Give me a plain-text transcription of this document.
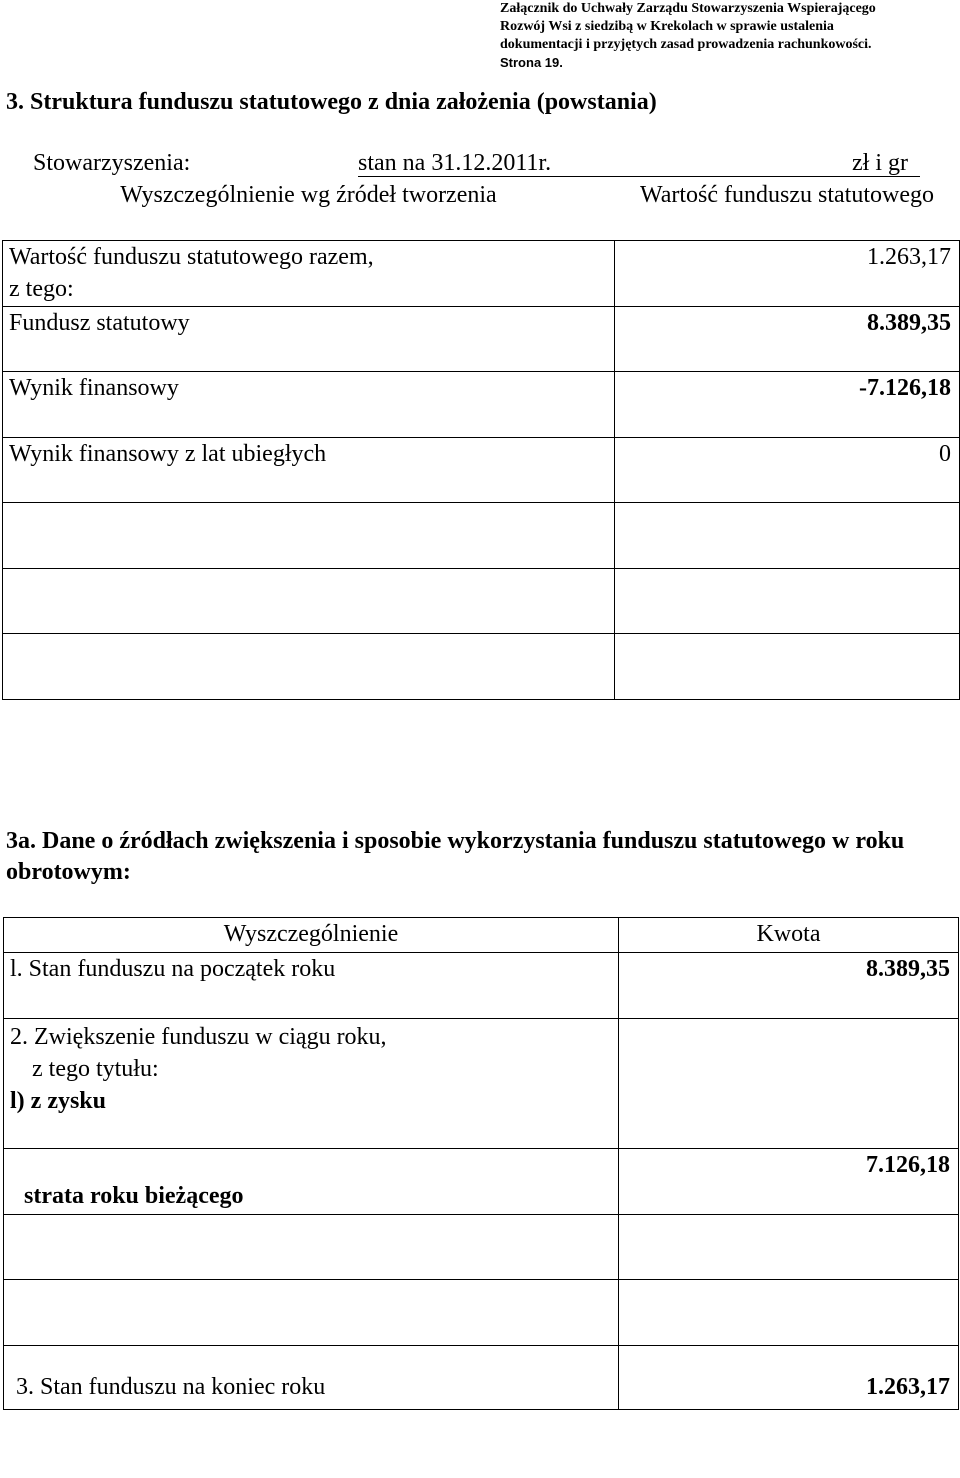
Załącznik do Uchwały Zarządu Stowarzyszenia Wspierającego
Rozwój Wsi z siedzibą w Krekolach w sprawie ustalenia
dokumentacji i przyjętych zasad prowadzenia rachunkowości.
Strona 19.
3. Struktura funduszu statutowego z dnia założenia (powstania)
Stowarzyszenia:	stan na 31.12.2011r.	zł i gr
Wyszczególnienie wg źródeł tworzenia	Wartość funduszu statutowego

Wartość funduszu statutowego razem,
z tego:	1.263,17
Fundusz statutowy	8.389,35
Wynik finansowy	-7.126,18
Wynik finansowy z lat ubiegłych	0

3a. Dane o źródłach zwiększenia i sposobie wykorzystania funduszu statutowego w roku obrotowym:
Wyszczególnienie	Kwota
l. Stan funduszu na początek roku	8.389,35

2. Zwiększenie funduszu w ciągu roku,
z tego tytułu:
l) z zysku	

strata roku bieżącego	7.126,18

3. Stan funduszu na koniec roku	1.263,17
